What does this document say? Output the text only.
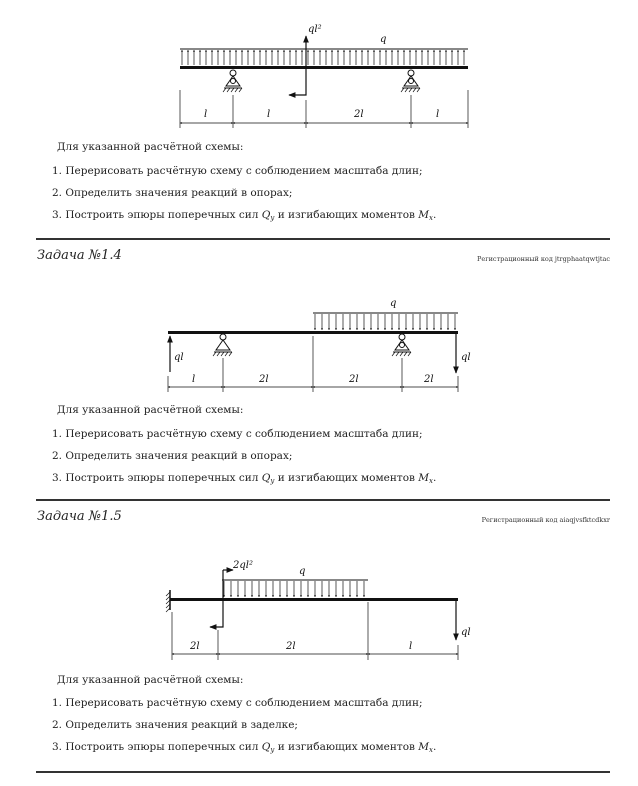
ql²
q
l	l	2l	l
Для указанной расчётной схемы:
1. Перерисовать расчётную схему с соблюдением масштаба длин;
2. Определить значения реакций в опорах;
3. Построить эпюры поперечных сил $Q_y$ и изгибающих моментов $M_x$.
Задача №1.4	Регистрационный код jtrgphaatqwtjtac
ql	ql
q
l	2l	2l	2l
Для указанной расчётной схемы:
1. Перерисовать расчётную схему с соблюдением масштаба длин;
2. Определить значения реакций в опорах;
3. Построить эпюры поперечных сил $Q_y$ и изгибающих моментов $M_x$.
Задача №1.5	Регистрационный код aiaqjvsfktcdkxr
2ql²
q
ql
2l	2l	l
Для указанной расчётной схемы:
1. Перерисовать расчётную схему с соблюдением масштаба длин;
2. Определить значения реакций в заделке;
3. Построить эпюры поперечных сил $Q_y$ и изгибающих моментов $M_x$.
